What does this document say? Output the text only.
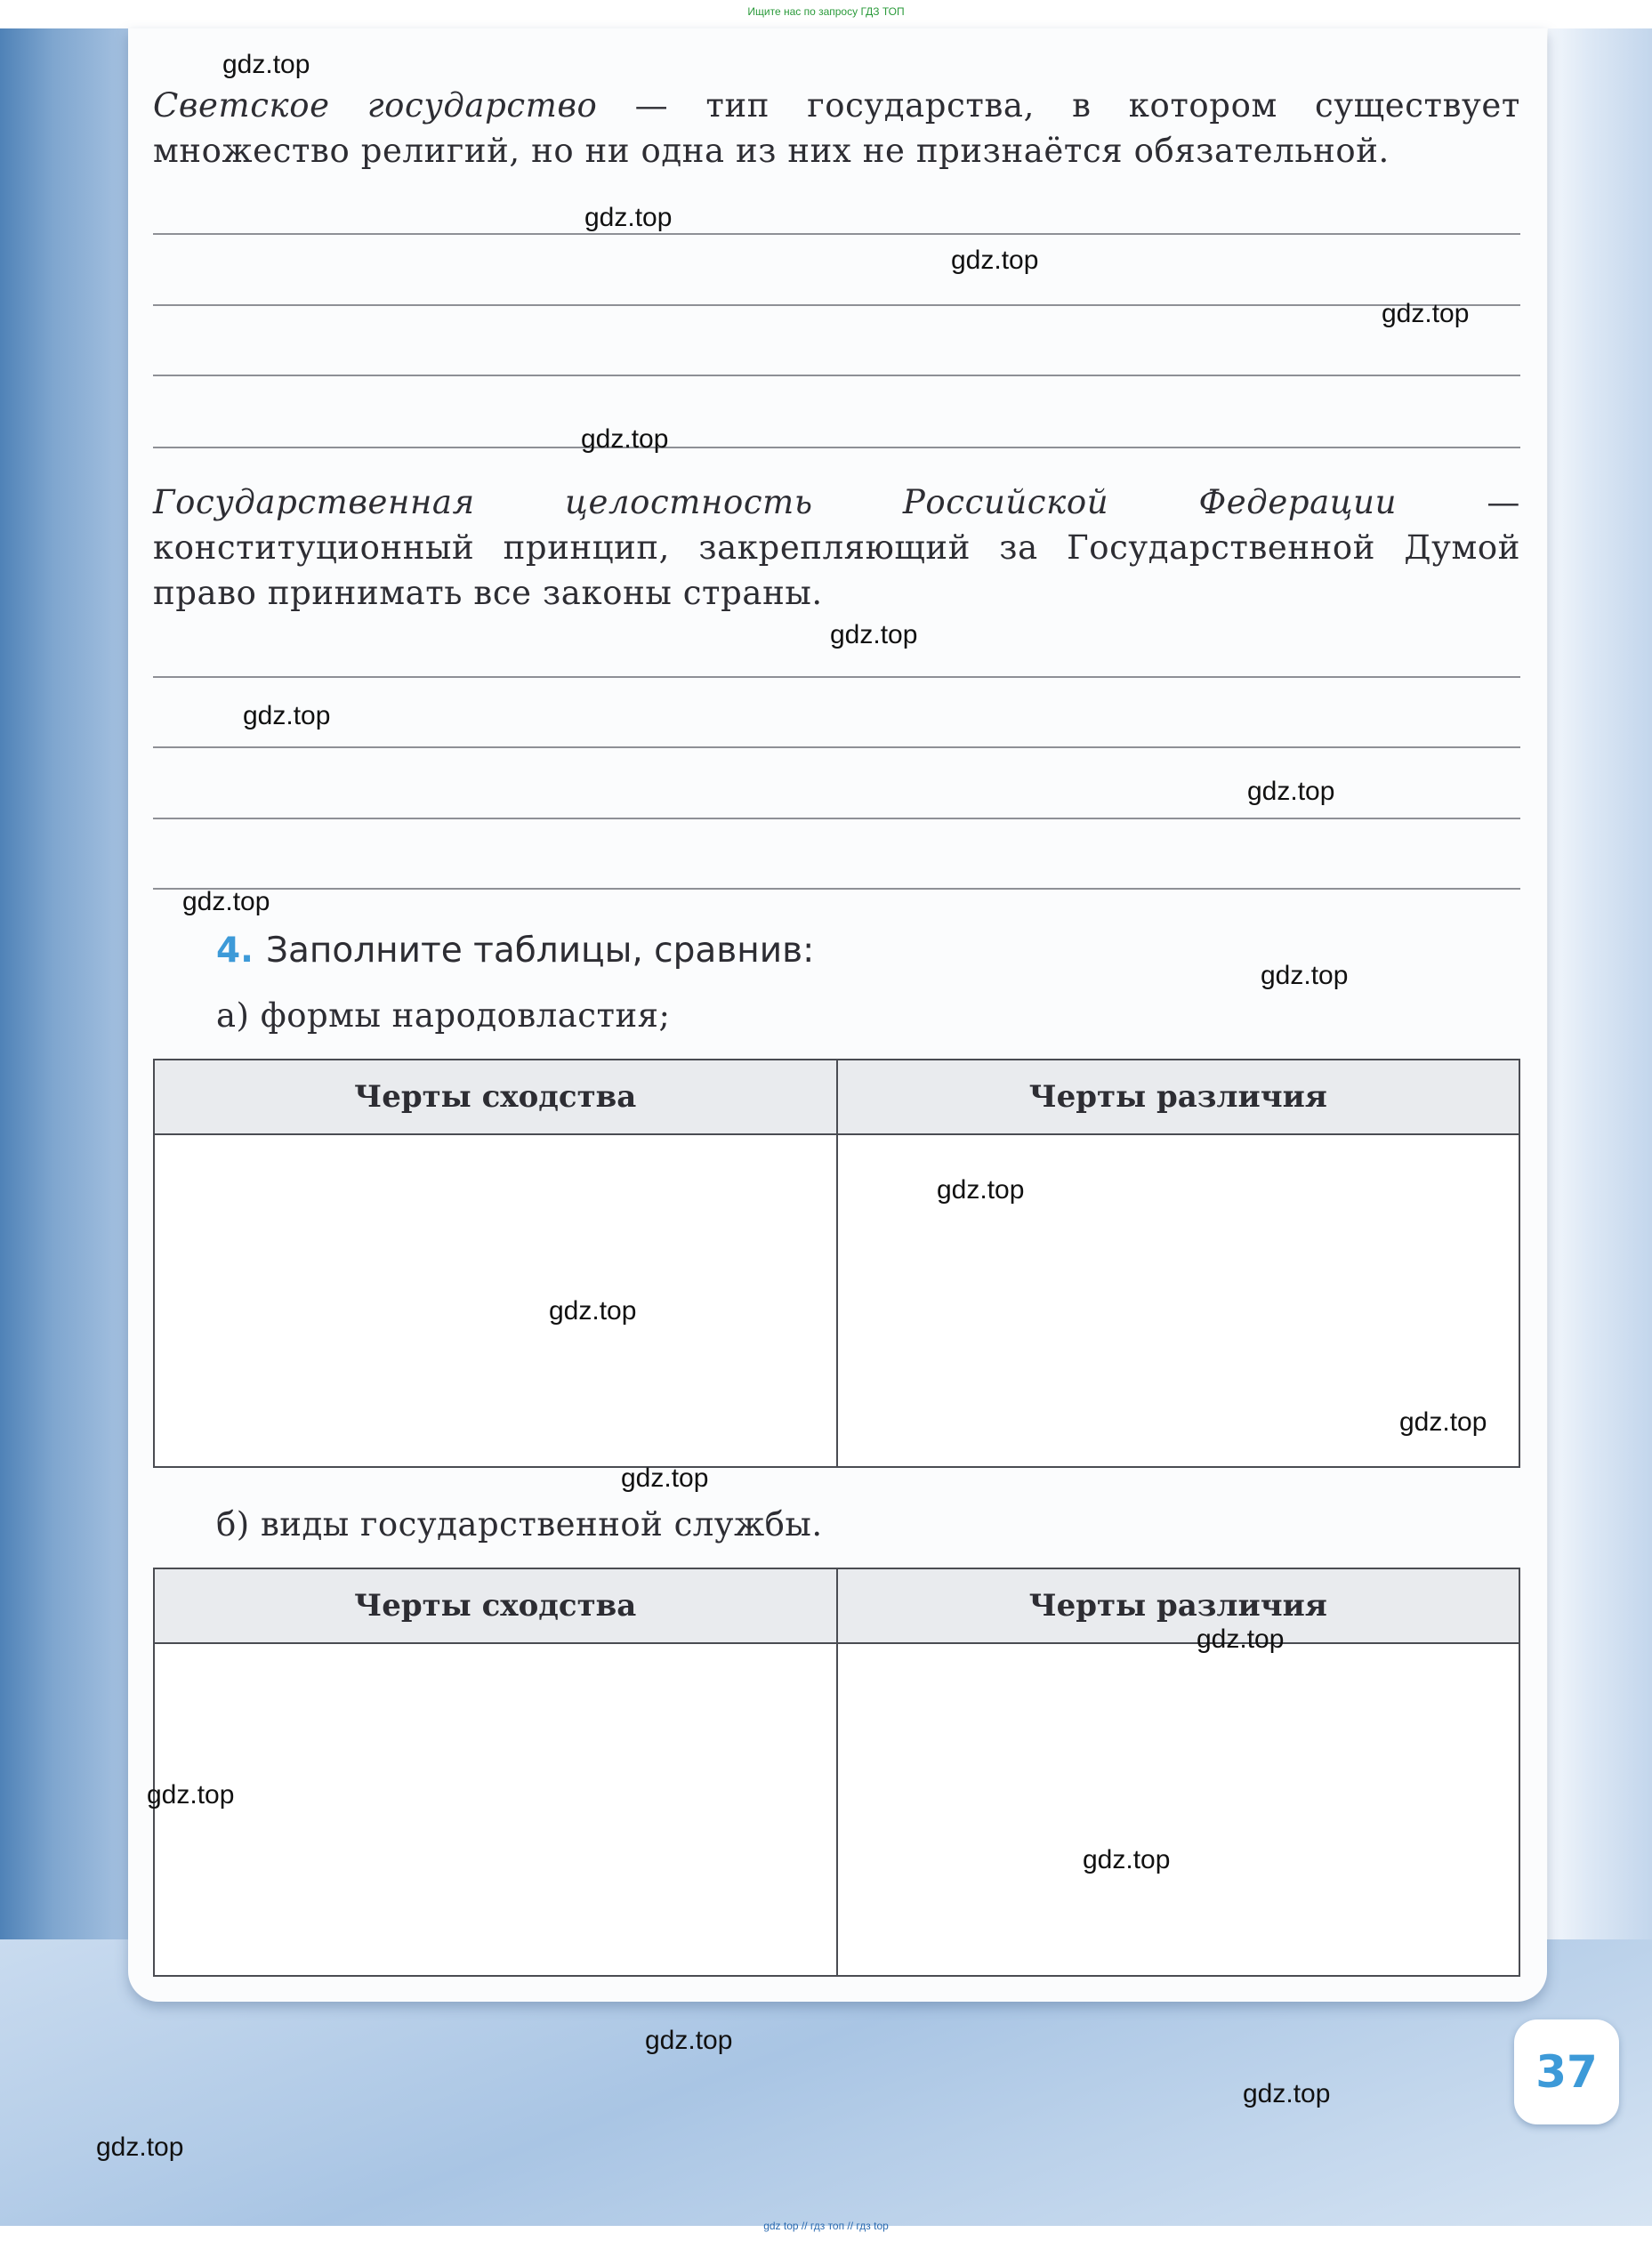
Ищите нас по запросу ГДЗ ТОП
Светское государство — тип государства, в котором существует множество религий, но ни одна из них не признаётся обязательной.
Государственная целостность Российской Федерации — конституционный принцип, закрепляющий за Государственной Думой право принимать все законы страны.
4. Заполните таблицы, сравнив:
а) формы народовластия;
Черты сходства	Черты различия

б) виды государственной службы.
Черты сходства	Черты различия

37
gdz.top
gdz.top
gdz.top
gdz.top
gdz.top
gdz.top
gdz.top
gdz.top
gdz.top
gdz.top
gdz.top
gdz.top
gdz.top
gdz.top
gdz.top
gdz.top
gdz.top
gdz.top
gdz.top
gdz.top
gdz top // гдз топ // гдз top
